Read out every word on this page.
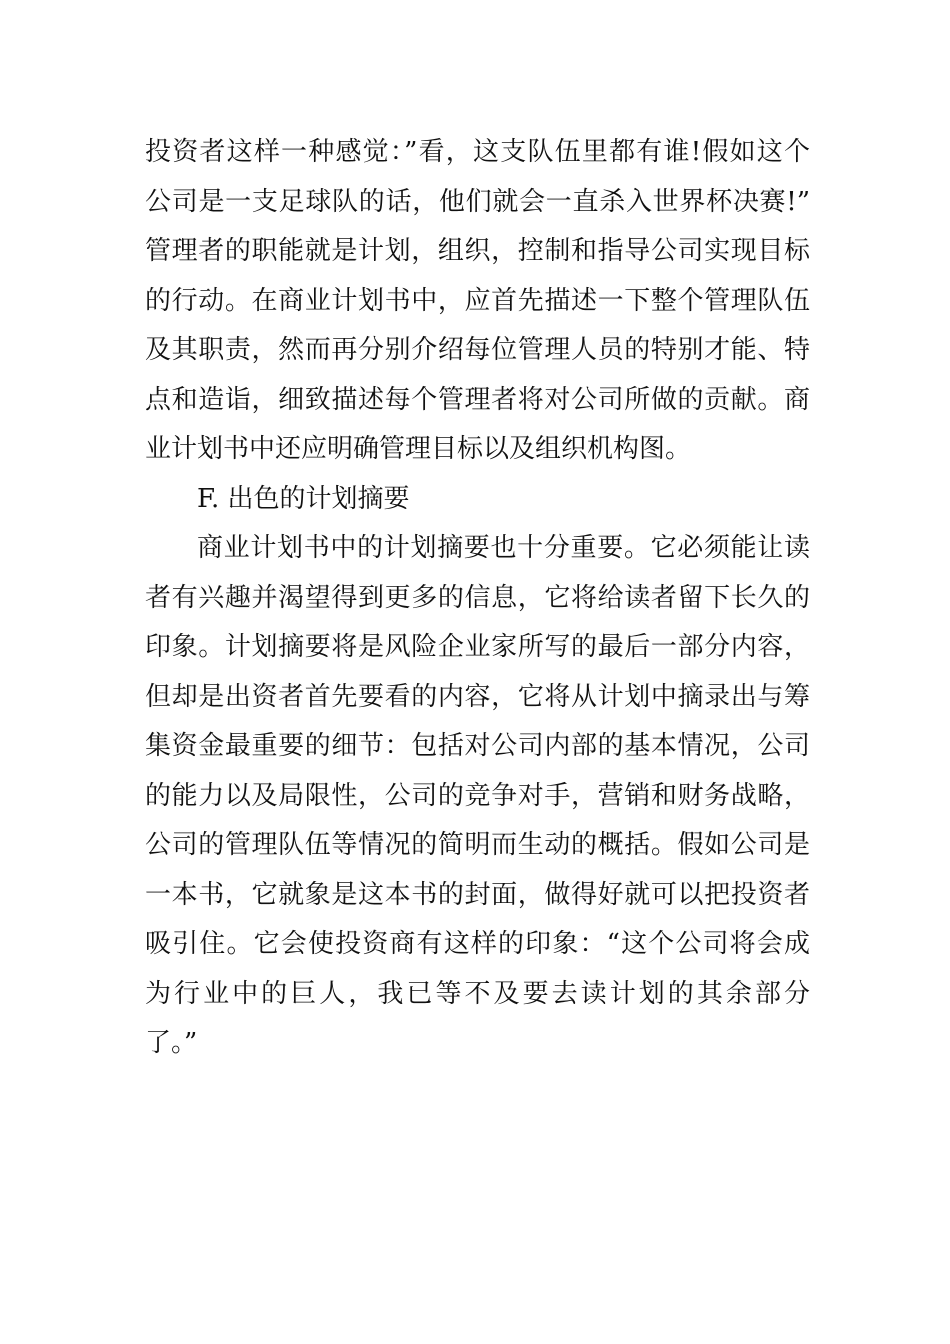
投资者这样一种感觉：”看，这支队伍里都有谁!假如这个
公司是一支足球队的话，他们就会一直杀入世界杯决赛!”
管理者的职能就是计划，组织，控制和指导公司实现目标
的行动。在商业计划书中，应首先描述一下整个管理队伍
及其职责，然而再分别介绍每位管理人员的特别才能、特
点和造诣，细致描述每个管理者将对公司所做的贡献。商
业计划书中还应明确管理目标以及组织机构图。
F. 出色的计划摘要
商业计划书中的计划摘要也十分重要。它必须能让读
者有兴趣并渴望得到更多的信息，它将给读者留下长久的
印象。计划摘要将是风险企业家所写的最后一部分内容，
但却是出资者首先要看的内容，它将从计划中摘录出与筹
集资金最重要的细节：包括对公司内部的基本情况，公司
的能力以及局限性，公司的竞争对手，营销和财务战略，
公司的管理队伍等情况的简明而生动的概括。假如公司是
一本书，它就象是这本书的封面，做得好就可以把投资者
吸引住。它会使投资商有这样的印象：“这个公司将会成
为行业中的巨人，我已等不及要去读计划的其余部分
了。”
